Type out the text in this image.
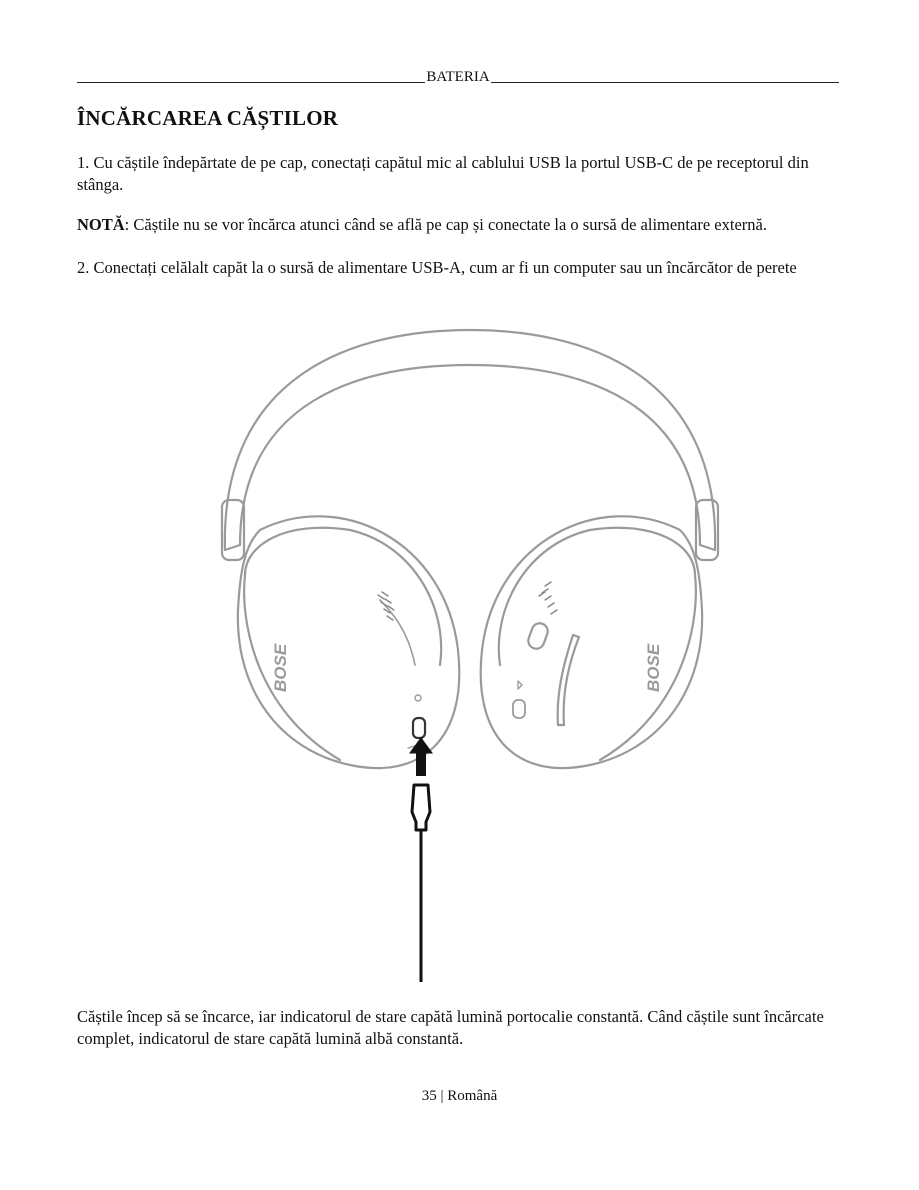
BATERIA
ÎNCĂRCAREA CĂȘTILOR

1. Cu căștile îndepărtate de pe cap, conectați capătul mic al cablului USB la portul USB-C de pe receptorul din stânga.

NOTĂ: Căștile nu se vor încărca atunci când se află pe cap și conectate la o sursă de alimentare externă.

2. Conectați celălalt capăt la o sursă de alimentare USB-A, cum ar fi un computer sau un încărcător de perete

BOSE	BOSE

Căștile încep să se încarce, iar indicatorul de stare capătă lumină portocalie constantă. Când căștile sunt încărcate complet, indicatorul de stare capătă lumină albă constantă.

35 | Română
